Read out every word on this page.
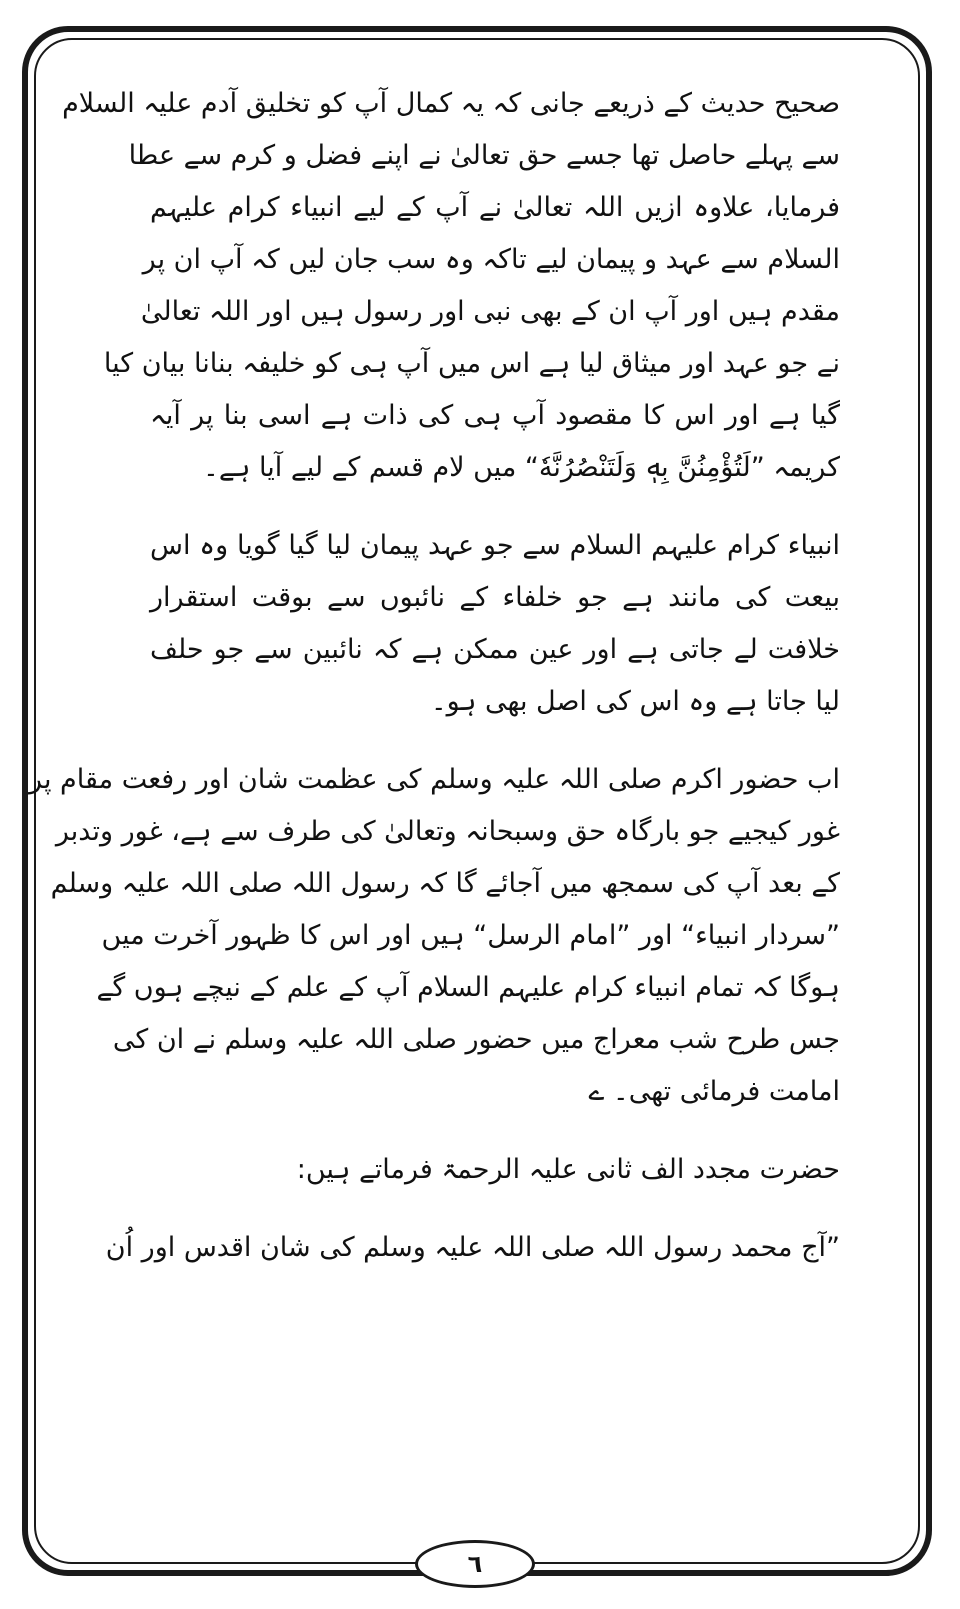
صحیح حدیث کے ذریعے جانی کہ یہ کمال آپ کو تخلیق آدم علیہ السلام
سے پہلے حاصل تھا جسے حق تعالیٰ نے اپنے فضل و کرم سے عطا
فرمایا، علاوہ ازیں اللہ تعالیٰ نے آپ کے لیے انبیاء کرام علیہم
السلام سے عہد و پیمان لیے تاکہ وہ سب جان لیں کہ آپ ان پر
مقدم ہیں اور آپ ان کے بھی نبی اور رسول ہیں اور اللہ تعالیٰ
نے جو عہد اور میثاق لیا ہے اس میں آپ ہی کو خلیفہ بنانا بیان کیا
گیا ہے اور اس کا مقصود آپ ہی کی ذات ہے اسی بنا پر آیہ
کریمہ ”لَتُؤْمِنُنَّ بِهٖ وَلَتَنْصُرُنَّهٗ“ میں لام قسم کے لیے آیا ہے۔
انبیاء کرام علیہم السلام سے جو عہد پیمان لیا گیا گویا وہ اس
بیعت کی مانند ہے جو خلفاء کے نائبوں سے بوقت استقرار
خلافت لے جاتی ہے اور عین ممکن ہے کہ نائبین سے جو حلف
لیا جاتا ہے وہ اس کی اصل بھی ہو۔
اب حضور اکرم صلی اللہ علیہ وسلم کی عظمت شان اور رفعت مقام پر
غور کیجیے جو بارگاہ حق وسبحانہ وتعالیٰ کی طرف سے ہے، غور وتدبر
کے بعد آپ کی سمجھ میں آجائے گا کہ رسول اللہ صلی اللہ علیہ وسلم
”سردار انبیاء“ اور ”امام الرسل“ ہیں اور اس کا ظہور آخرت میں
ہوگا کہ تمام انبیاء کرام علیہم السلام آپ کے علم کے نیچے ہوں گے
جس طرح شب معراج میں حضور صلی اللہ علیہ وسلم نے ان کی
امامت فرمائی تھی۔ ے
حضرت مجدد الف ثانی علیہ الرحمۃ فرماتے ہیں:
”آج محمد رسول اللہ صلی اللہ علیہ وسلم کی شان اقدس اور اُن
٦
